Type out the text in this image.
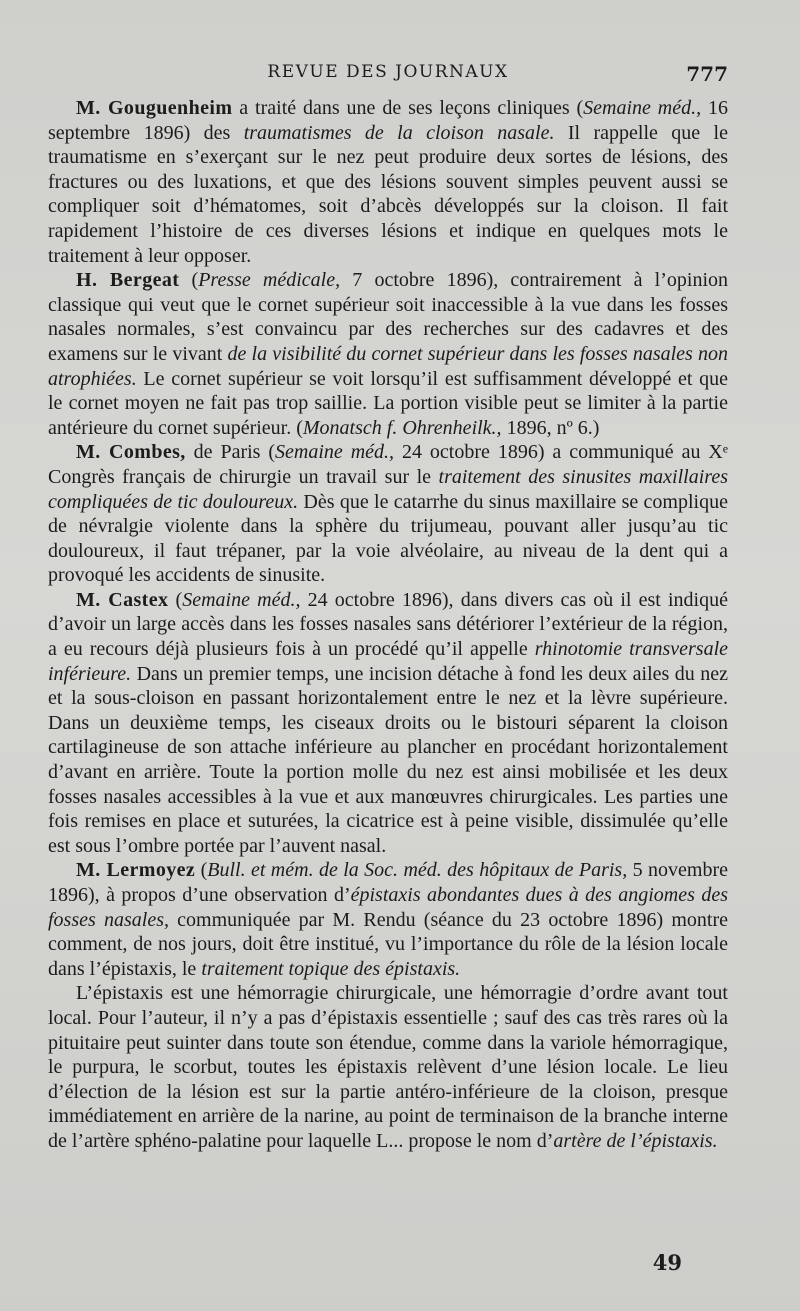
REVUE DES JOURNAUX	777

M. Gouguenheim a traité dans une de ses leçons cliniques (Semaine méd., 16 septembre 1896) des traumatismes de la cloison nasale. Il rappelle que le traumatisme en s’exerçant sur le nez peut produire deux sortes de lésions, des fractures ou des luxations, et que des lésions souvent simples peuvent aussi se compliquer soit d’hématomes, soit d’abcès développés sur la cloison. Il fait rapidement l’histoire de ces diverses lésions et indique en quelques mots le traitement à leur opposer.

H. Bergeat (Presse médicale, 7 octobre 1896), contrairement à l’opinion classique qui veut que le cornet supérieur soit inaccessible à la vue dans les fosses nasales normales, s’est convaincu par des recherches sur des cadavres et des examens sur le vivant de la visibilité du cornet supérieur dans les fosses nasales non atrophiées. Le cornet supérieur se voit lorsqu’il est suffisamment développé et que le cornet moyen ne fait pas trop saillie. La portion visible peut se limiter à la partie antérieure du cornet supérieur. (Monatsch f. Ohrenheilk., 1896, nº 6.)

M. Combes, de Paris (Semaine méd., 24 octobre 1896) a communiqué au Xᵉ Congrès français de chirurgie un travail sur le traitement des sinusites maxillaires compliquées de tic douloureux. Dès que le catarrhe du sinus maxillaire se complique de névralgie violente dans la sphère du trijumeau, pouvant aller jusqu’au tic douloureux, il faut trépaner, par la voie alvéolaire, au niveau de la dent qui a provoqué les accidents de sinusite.

M. Castex (Semaine méd., 24 octobre 1896), dans divers cas où il est indiqué d’avoir un large accès dans les fosses nasales sans détériorer l’extérieur de la région, a eu recours déjà plusieurs fois à un procédé qu’il appelle rhinotomie transversale inférieure. Dans un premier temps, une incision détache à fond les deux ailes du nez et la sous-cloison en passant horizontalement entre le nez et la lèvre supérieure. Dans un deuxième temps, les ciseaux droits ou le bistouri séparent la cloison cartilagineuse de son attache inférieure au plancher en procédant horizontalement d’avant en arrière. Toute la portion molle du nez est ainsi mobilisée et les deux fosses nasales accessibles à la vue et aux manœuvres chirurgicales. Les parties une fois remises en place et suturées, la cicatrice est à peine visible, dissimulée qu’elle est sous l’ombre portée par l’auvent nasal.

M. Lermoyez (Bull. et mém. de la Soc. méd. des hôpitaux de Paris, 5 novembre 1896), à propos d’une observation d’épistaxis abondantes dues à des angiomes des fosses nasales, communiquée par M. Rendu (séance du 23 octobre 1896) montre comment, de nos jours, doit être institué, vu l’importance du rôle de la lésion locale dans l’épistaxis, le traitement topique des épistaxis.

L’épistaxis est une hémorragie chirurgicale, une hémorragie d’ordre avant tout local. Pour l’auteur, il n’y a pas d’épistaxis essentielle ; sauf des cas très rares où la pituitaire peut suinter dans toute son étendue, comme dans la variole hémorragique, le purpura, le scorbut, toutes les épistaxis relèvent d’une lésion locale. Le lieu d’élection de la lésion est sur la partie antéro-inférieure de la cloison, presque immédiatement en arrière de la narine, au point de terminaison de la branche interne de l’artère sphéno-palatine pour laquelle L... propose le nom d’artère de l’épistaxis.

49
